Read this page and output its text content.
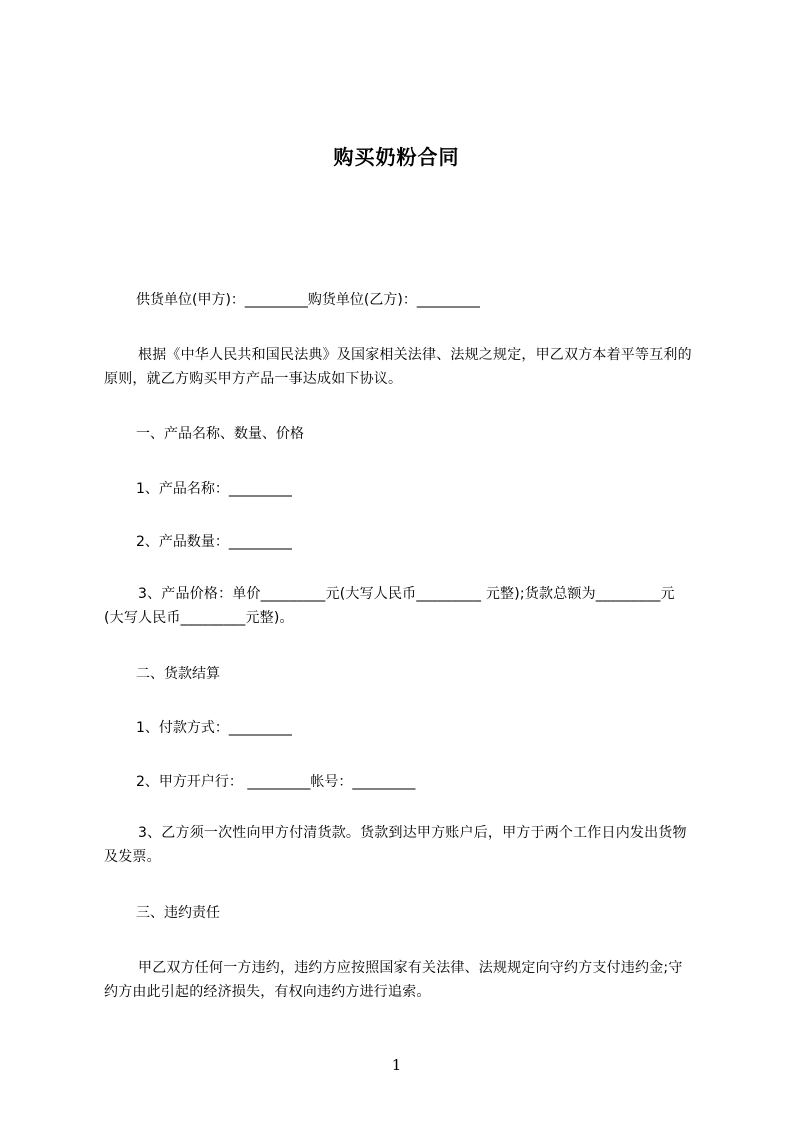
购买奶粉合同
供货单位(甲方)：_________购货单位(乙方)：_________
根据《中华人民共和国民法典》及国家相关法律、法规之规定，甲乙双方本着平等互利的原则，就乙方购买甲方产品一事达成如下协议。
一、产品名称、数量、价格
1、产品名称：_________
2、产品数量：_________
3、产品价格：单价_________元(大写人民币_________ 元整);货款总额为_________元(大写人民币_________元整)。
二、货款结算
1、付款方式：_________
2、甲方开户行： _________帐号：_________
3、乙方须一次性向甲方付清货款。货款到达甲方账户后，甲方于两个工作日内发出货物及发票。
三、违约责任
甲乙双方任何一方违约，违约方应按照国家有关法律、法规规定向守约方支付违约金;守约方由此引起的经济损失，有权向违约方进行追索。
1
